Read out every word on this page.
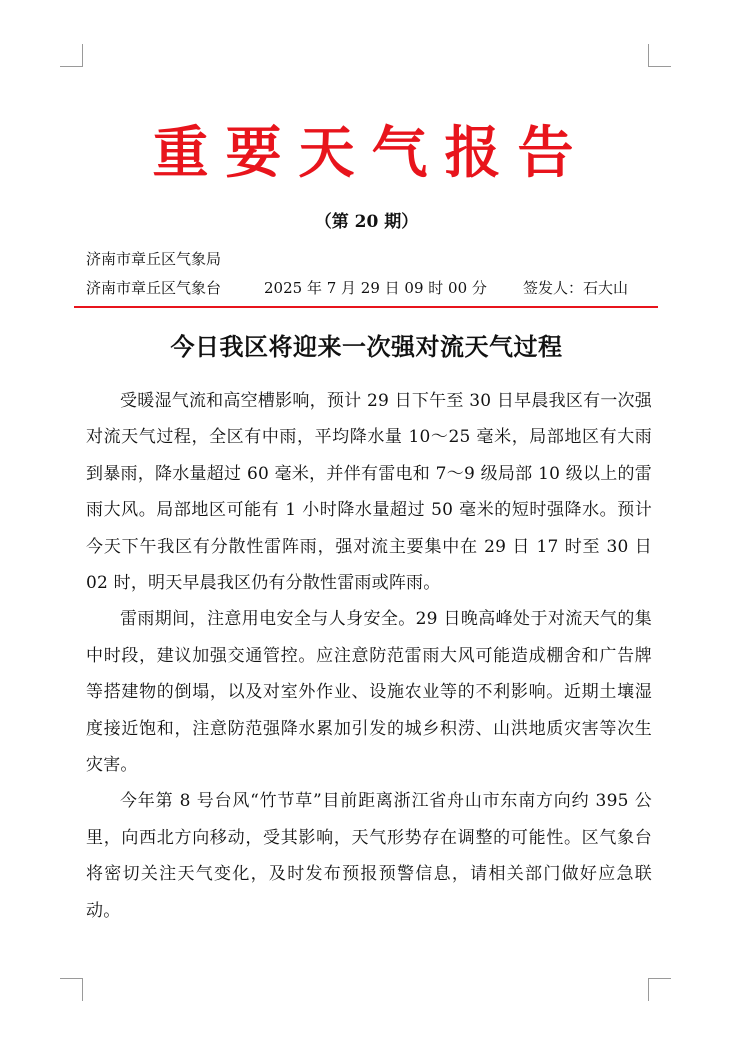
重要天气报告
（第 20 期）
济南市章丘区气象局
济南市章丘区气象台	2025 年 7 月 29 日 09 时 00 分 签发人：石大山
今日我区将迎来一次强对流天气过程

受暖湿气流和高空槽影响，预计 29 日下午至 30 日早晨我区有一次强对流天气过程，全区有中雨，平均降水量 10～25 毫米，局部地区有大雨到暴雨，降水量超过 60 毫米，并伴有雷电和 7～9 级局部 10 级以上的雷雨大风。局部地区可能有 1 小时降水量超过 50 毫米的短时强降水。预计今天下午我区有分散性雷阵雨，强对流主要集中在 29 日 17 时至 30 日 02 时，明天早晨我区仍有分散性雷雨或阵雨。

雷雨期间，注意用电安全与人身安全。29 日晚高峰处于对流天气的集中时段，建议加强交通管控。应注意防范雷雨大风可能造成棚舍和广告牌等搭建物的倒塌，以及对室外作业、设施农业等的不利影响。近期土壤湿度接近饱和，注意防范强降水累加引发的城乡积涝、山洪地质灾害等次生灾害。

今年第 8 号台风“竹节草”目前距离浙江省舟山市东南方向约 395 公里，向西北方向移动，受其影响，天气形势存在调整的可能性。区气象台将密切关注天气变化，及时发布预报预警信息，请相关部门做好应急联动。
